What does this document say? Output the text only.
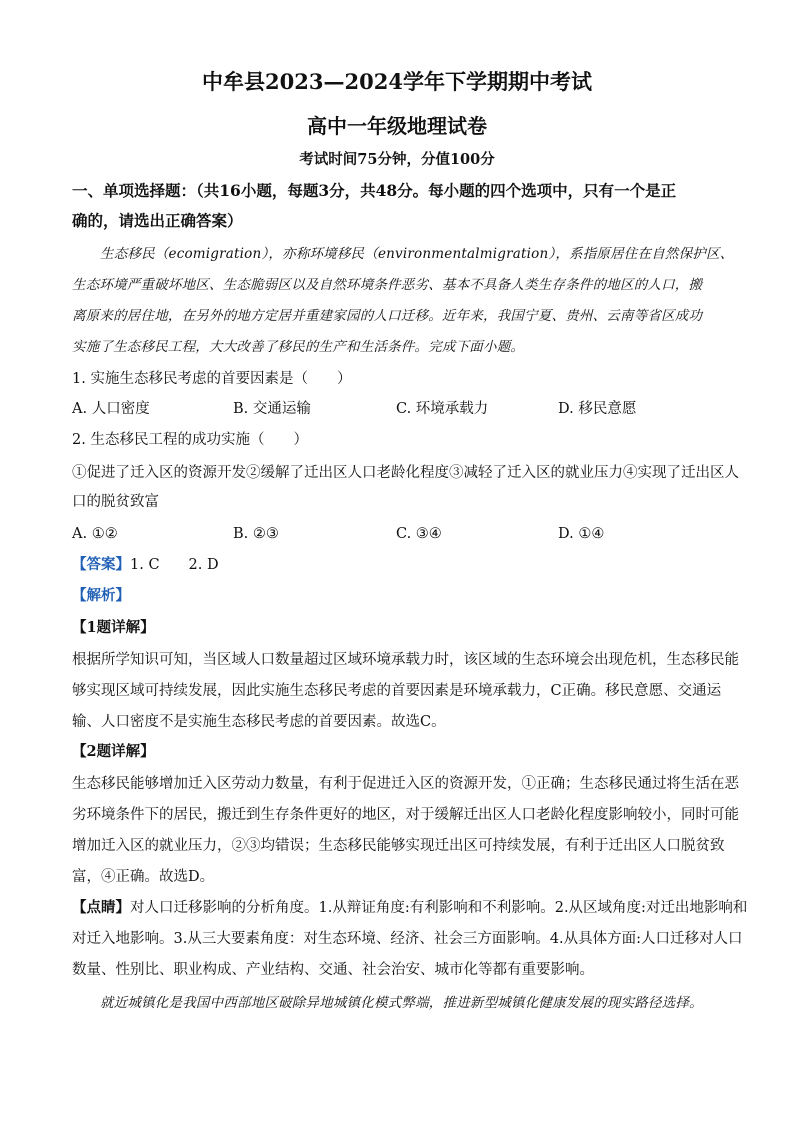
中牟县2023—2024学年下学期期中考试
高中一年级地理试卷
考试时间75分钟，分值100分
一、单项选择题：（共16小题，每题3分，共48分。每小题的四个选项中，只有一个是正
确的，请选出正确答案）
生态移民（ecomigration），亦称环境移民（environmentalmigration），系指原居住在自然保护区、
生态环境严重破坏地区、生态脆弱区以及自然环境条件恶劣、基本不具备人类生存条件的地区的人口，搬
离原来的居住地，在另外的地方定居并重建家园的人口迁移。近年来，我国宁夏、贵州、云南等省区成功
实施了生态移民工程，大大改善了移民的生产和生活条件。完成下面小题。
1. 实施生态移民考虑的首要因素是（　　）
A. 人口密度	B. 交通运输	C. 环境承载力	D. 移民意愿
2. 生态移民工程的成功实施（　　）
①促进了迁入区的资源开发②缓解了迁出区人口老龄化程度③减轻了迁入区的就业压力④实现了迁出区人
口的脱贫致富
A. ①②	B. ②③	C. ③④	D. ①④
【答案】1. C　　2. D
【解析】
【1题详解】
根据所学知识可知，当区域人口数量超过区域环境承载力时，该区域的生态环境会出现危机，生态移民能
够实现区域可持续发展，因此实施生态移民考虑的首要因素是环境承载力，C正确。移民意愿、交通运
输、人口密度不是实施生态移民考虑的首要因素。故选C。
【2题详解】
生态移民能够增加迁入区劳动力数量，有利于促进迁入区的资源开发，①正确；生态移民通过将生活在恶
劣环境条件下的居民，搬迁到生存条件更好的地区，对于缓解迁出区人口老龄化程度影响较小，同时可能
增加迁入区的就业压力，②③均错误；生态移民能够实现迁出区可持续发展，有利于迁出区人口脱贫致
富，④正确。故选D。
【点睛】对人口迁移影响的分析角度。1.从辩证角度:有利影响和不利影响。2.从区域角度:对迁出地影响和
对迁入地影响。3.从三大要素角度：对生态环境、经济、社会三方面影响。4.从具体方面:人口迁移对人口
数量、性别比、职业构成、产业结构、交通、社会治安、城市化等都有重要影响。
就近城镇化是我国中西部地区破除异地城镇化模式弊端，推进新型城镇化健康发展的现实路径选择。
